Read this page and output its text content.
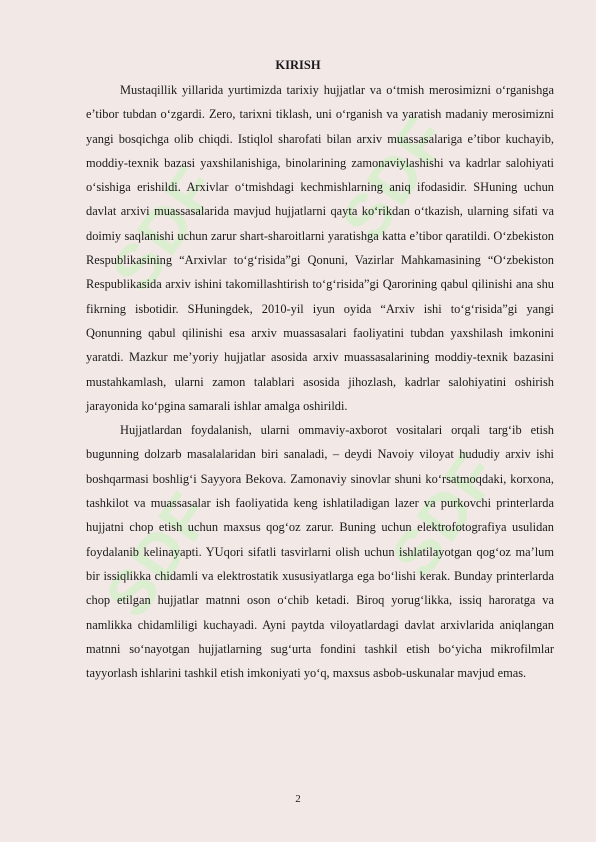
SDF SDF
SDF SDF
KIRISH

Mustaqillik yillarida yurtimizda tarixiy hujjatlar va o‘tmish merosimizni o‘rganishga e’tibor tubdan o‘zgardi. Zero, tarixni tiklash, uni o‘rganish va yaratish madaniy merosimizni yangi bosqichga olib chiqdi. Istiqlol sharofati bilan arxiv muassasalariga e’tibor kuchayib, moddiy-texnik bazasi yaxshilanishiga, binolarining zamonaviylashishi va kadrlar salohiyati o‘sishiga erishildi. Arxivlar o‘tmishdagi kechmishlarning aniq ifodasidir. SHuning uchun davlat arxivi muassasalarida mavjud hujjatlarni qayta ko‘rikdan o‘tkazish, ularning sifati va doimiy saqlanishi uchun zarur shart-sharoitlarni yaratishga katta e’tibor qaratildi. O‘zbekiston Respublikasining “Arxivlar to‘g‘risida”gi Qonuni, Vazirlar Mahkamasining “O‘zbekiston Respublikasida arxiv ishini takomillashtirish to‘g‘risida”gi Qarorining qabul qilinishi ana shu fikrning isbotidir. SHuningdek, 2010-yil iyun oyida “Arxiv ishi to‘g‘risida”gi yangi Qonunning qabul qilinishi esa arxiv muassasalari faoliyatini tubdan yaxshilash imkonini yaratdi. Mazkur me’yoriy hujjatlar asosida arxiv muassasalarining moddiy-texnik bazasini mustahkamlash, ularni zamon talablari asosida jihozlash, kadrlar salohiyatini oshirish jarayonida ko‘pgina samarali ishlar amalga oshirildi.

Hujjatlardan foydalanish, ularni ommaviy-axborot vositalari orqali targ‘ib etish bugunning dolzarb masalalaridan biri sanaladi, – deydi Navoiy viloyat hududiy arxiv ishi boshqarmasi boshlig‘i Sayyora Bekova. Zamonaviy sinovlar shuni ko‘rsatmoqdaki, korxona, tashkilot va muassasalar ish faoliyatida keng ishlatiladigan lazer va purkovchi printerlarda hujjatni chop etish uchun maxsus qog‘oz zarur. Buning uchun elektrofotografiya usulidan foydalanib kelinayapti. YUqori sifatli tasvirlarni olish uchun ishlatilayotgan qog‘oz ma’lum bir issiqlikka chidamli va elektrostatik xususiyatlarga ega bo‘lishi kerak. Bunday printerlarda chop etilgan hujjatlar matnni oson o‘chib ketadi. Biroq yorug‘likka, issiq haroratga va namlikka chidamliligi kuchayadi. Ayni paytda viloyatlardagi davlat arxivlarida aniqlangan matnni so‘nayotgan hujjatlarning sug‘urta fondini tashkil etish bo‘yicha mikrofilmlar tayyorlash ishlarini tashkil etish imkoniyati yo‘q, maxsus asbob-uskunalar mavjud emas.

2
